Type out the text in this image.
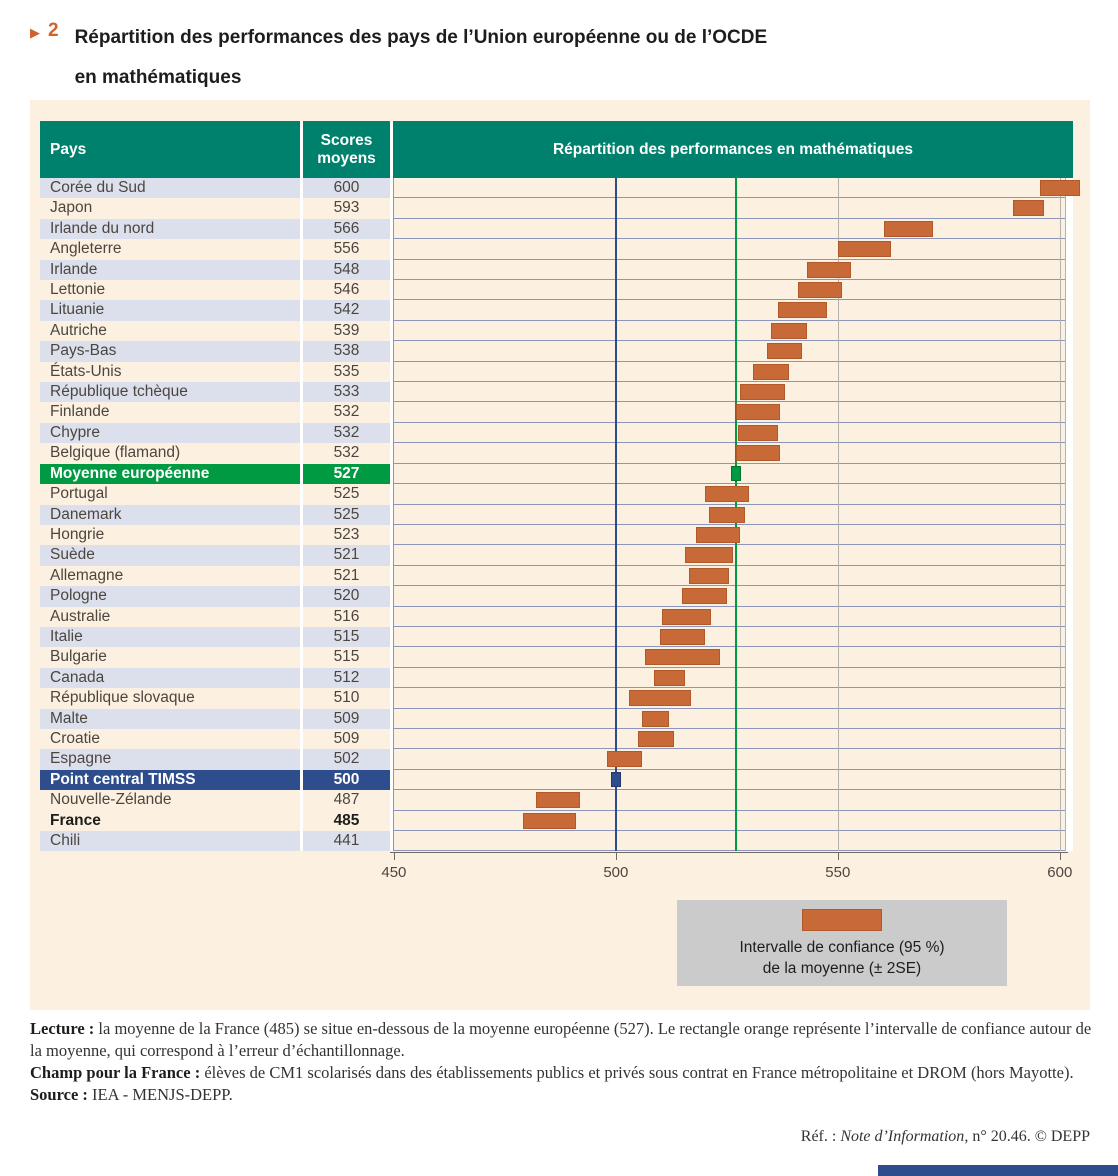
▶ 2 Répartition des performances des pays de l’Union européenne ou de l’OCDE
en mathématiques
Pays
Scores
moyens
Répartition des performances en mathématiques
Corée du Sud	600
Japon	593
Irlande du nord	566
Angleterre	556
Irlande	548
Lettonie	546
Lituanie	542
Autriche	539
Pays-Bas	538
États-Unis	535
République tchèque	533
Finlande	532
Chypre	532
Belgique (flamand)	532
Moyenne européenne	527
Portugal	525
Danemark	525
Hongrie	523
Suède	521
Allemagne	521
Pologne	520
Australie	516
Italie	515
Bulgarie	515
Canada	512
République slovaque	510
Malte	509
Croatie	509
Espagne	502
Point central TIMSS	500
Nouvelle-Zélande	487
France	485
Chili	441
450	500	550	600
Intervalle de confiance (95 %)
de la moyenne (± 2SE)
Lecture : la moyenne de la France (485) se situe en-dessous de la moyenne européenne (527). Le rectangle orange représente l’intervalle de confiance autour de la moyenne, qui correspond à l’erreur d’échantillonnage.
Champ pour la France : élèves de CM1 scolarisés dans des établissements publics et privés sous contrat en France métropolitaine et DROM (hors Mayotte).
Source : IEA - MENJS-DEPP.
Réf. : Note d’Information, n° 20.46. © DEPP
